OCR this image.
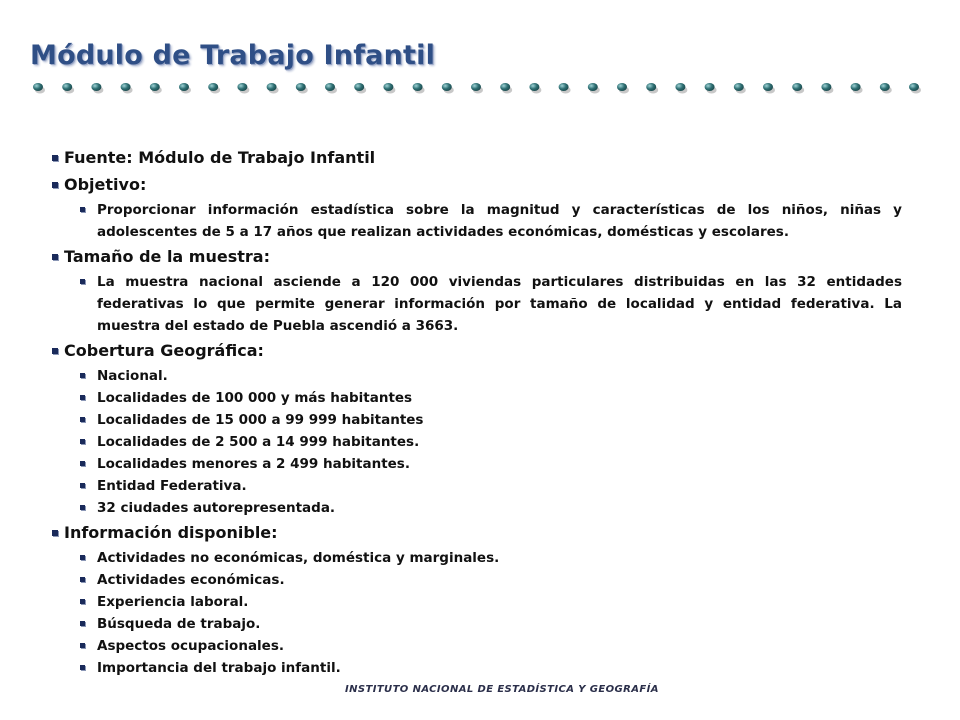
Módulo de Trabajo Infantil
Fuente: Módulo de Trabajo Infantil
Objetivo:
Proporcionar información estadística sobre la magnitud y características de los niños, niñas y adolescentes de 5 a 17 años que realizan actividades económicas, domésticas y escolares.
Tamaño de la muestra:
La muestra nacional asciende a 120 000 viviendas particulares distribuidas en las 32 entidades federativas lo que permite generar información por tamaño de localidad y entidad federativa. La muestra del estado de Puebla ascendió a 3663.
Cobertura Geográfica:
Nacional.
Localidades de 100 000 y más habitantes
Localidades de 15 000 a 99 999 habitantes
Localidades de 2 500 a 14 999 habitantes.
Localidades menores a 2 499 habitantes.
Entidad Federativa.
32 ciudades autorepresentada.
Información disponible:
Actividades no económicas, doméstica y marginales.
Actividades económicas.
Experiencia laboral.
Búsqueda de trabajo.
Aspectos ocupacionales.
Importancia del trabajo infantil.
INSTITUTO NACIONAL DE ESTADÍSTICA Y GEOGRAFÍA
